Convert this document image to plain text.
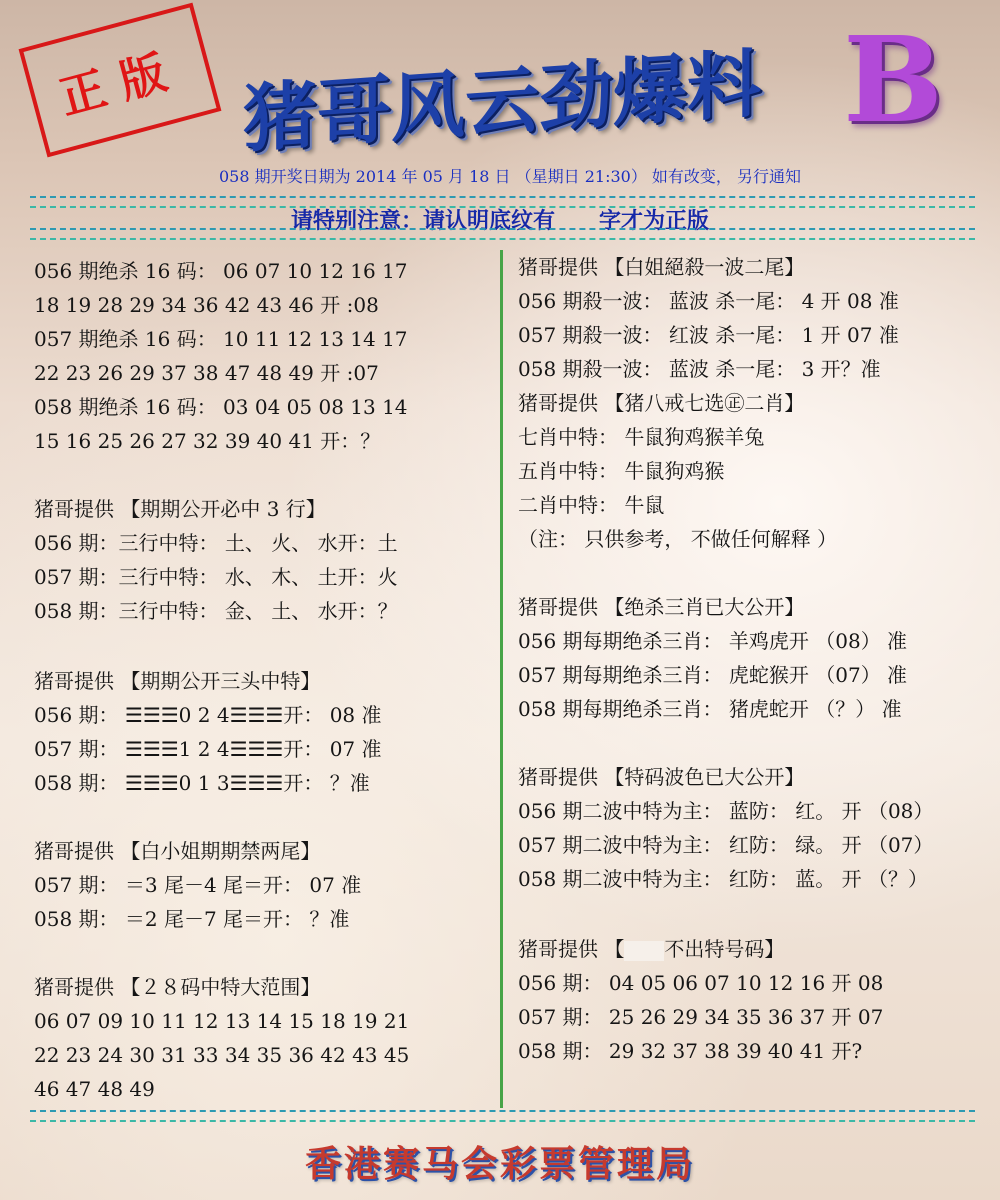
正版 猪哥风云劲爆料 B
058 期开奖日期为 2014 年 05 月 18 日 （星期日 21:30） 如有改变， 另行通知
请特别注意：请认明底纹有　　字才为正版
056 期绝杀 16 码： 06 07 10 12 16 17
18 19 28 29 34 36 42 43 46 开 :08
057 期绝杀 16 码： 10 11 12 13 14 17
22 23 26 29 37 38 47 48 49 开 :07
058 期绝杀 16 码： 03 04 05 08 13 14
15 16 25 26 27 32 39 40 41 开：？
猪哥提供 【期期公开必中 3 行】
056 期：三行中特： 土、 火、 水开：土
057 期：三行中特： 水、 木、 土开：火
058 期：三行中特： 金、 土、 水开：？
猪哥提供 【期期公开三头中特】
056 期： ☰☰☰0 2 4☰☰☰开： 08 准
057 期： ☰☰☰1 2 4☰☰☰开： 07 准
058 期： ☰☰☰0 1 3☰☰☰开： ？准
猪哥提供 【白小姐期期禁两尾】
057 期： ＝3 尾－4 尾＝开： 07 准
058 期： ＝2 尾－7 尾＝开： ？准
猪哥提供 【２８码中特大范围】
06 07 09 10 11 12 13 14 15 18 19 21
22 23 24 30 31 33 34 35 36 42 43 45
46 47 48 49
猪哥提供 【白姐絕殺一波二尾】
056 期殺一波： 蓝波 杀一尾： 4 开 08 准
057 期殺一波： 红波 杀一尾： 1 开 07 准
058 期殺一波： 蓝波 杀一尾： 3 开？准
猪哥提供 【猪八戒七选㊣二肖】
七肖中特： 牛鼠狗鸡猴羊兔
五肖中特： 牛鼠狗鸡猴
二肖中特： 牛鼠
（注： 只供参考， 不做任何解释 ）
猪哥提供 【绝杀三肖已大公开】
056 期每期绝杀三肖： 羊鸡虎开 （08） 准
057 期每期绝杀三肖： 虎蛇猴开 （07） 准
058 期每期绝杀三肖： 猪虎蛇开 （？） 准
猪哥提供 【特码波色已大公开】
056 期二波中特为主： 蓝防： 红。 开 （08）
057 期二波中特为主： 红防： 绿。 开 （07）
058 期二波中特为主： 红防： 蓝。 开 （？）
猪哥提供 【 不出特号码】
056 期： 04 05 06 07 10 12 16 开 08
057 期： 25 26 29 34 35 36 37 开 07
058 期： 29 32 37 38 39 40 41 开?
香港赛马会彩票管理局
